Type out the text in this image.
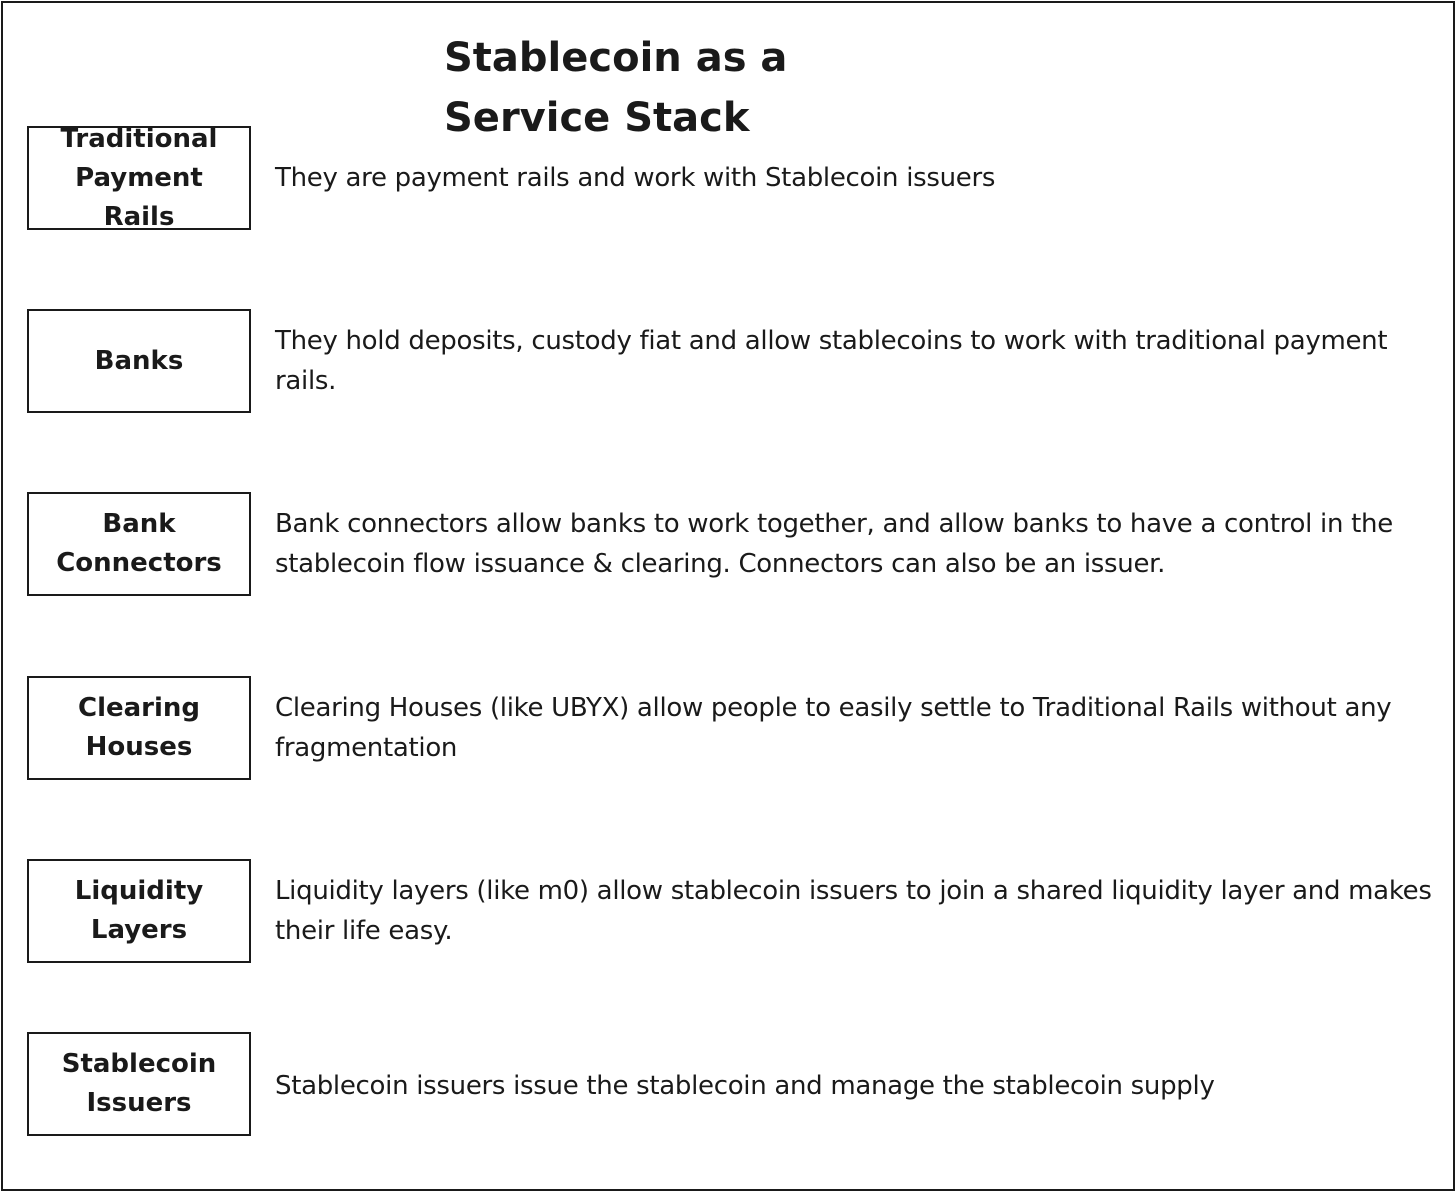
Stablecoin as a Service Stack
Traditional Payment Rails

They are payment rails and work with Stablecoin issuers

Banks

They hold deposits, custody fiat and allow stablecoins to work with traditional payment rails.

Bank Connectors

Bank connectors allow banks to work together, and allow banks to have a control in the stablecoin flow issuance & clearing. Connectors can also be an issuer.

Clearing Houses

Clearing Houses (like UBYX) allow people to easily settle to Traditional Rails without any fragmentation

Liquidity Layers

Liquidity layers (like m0) allow stablecoin issuers to join a shared liquidity layer and makes their life easy.

Stablecoin Issuers

Stablecoin issuers issue the stablecoin and manage the stablecoin supply
